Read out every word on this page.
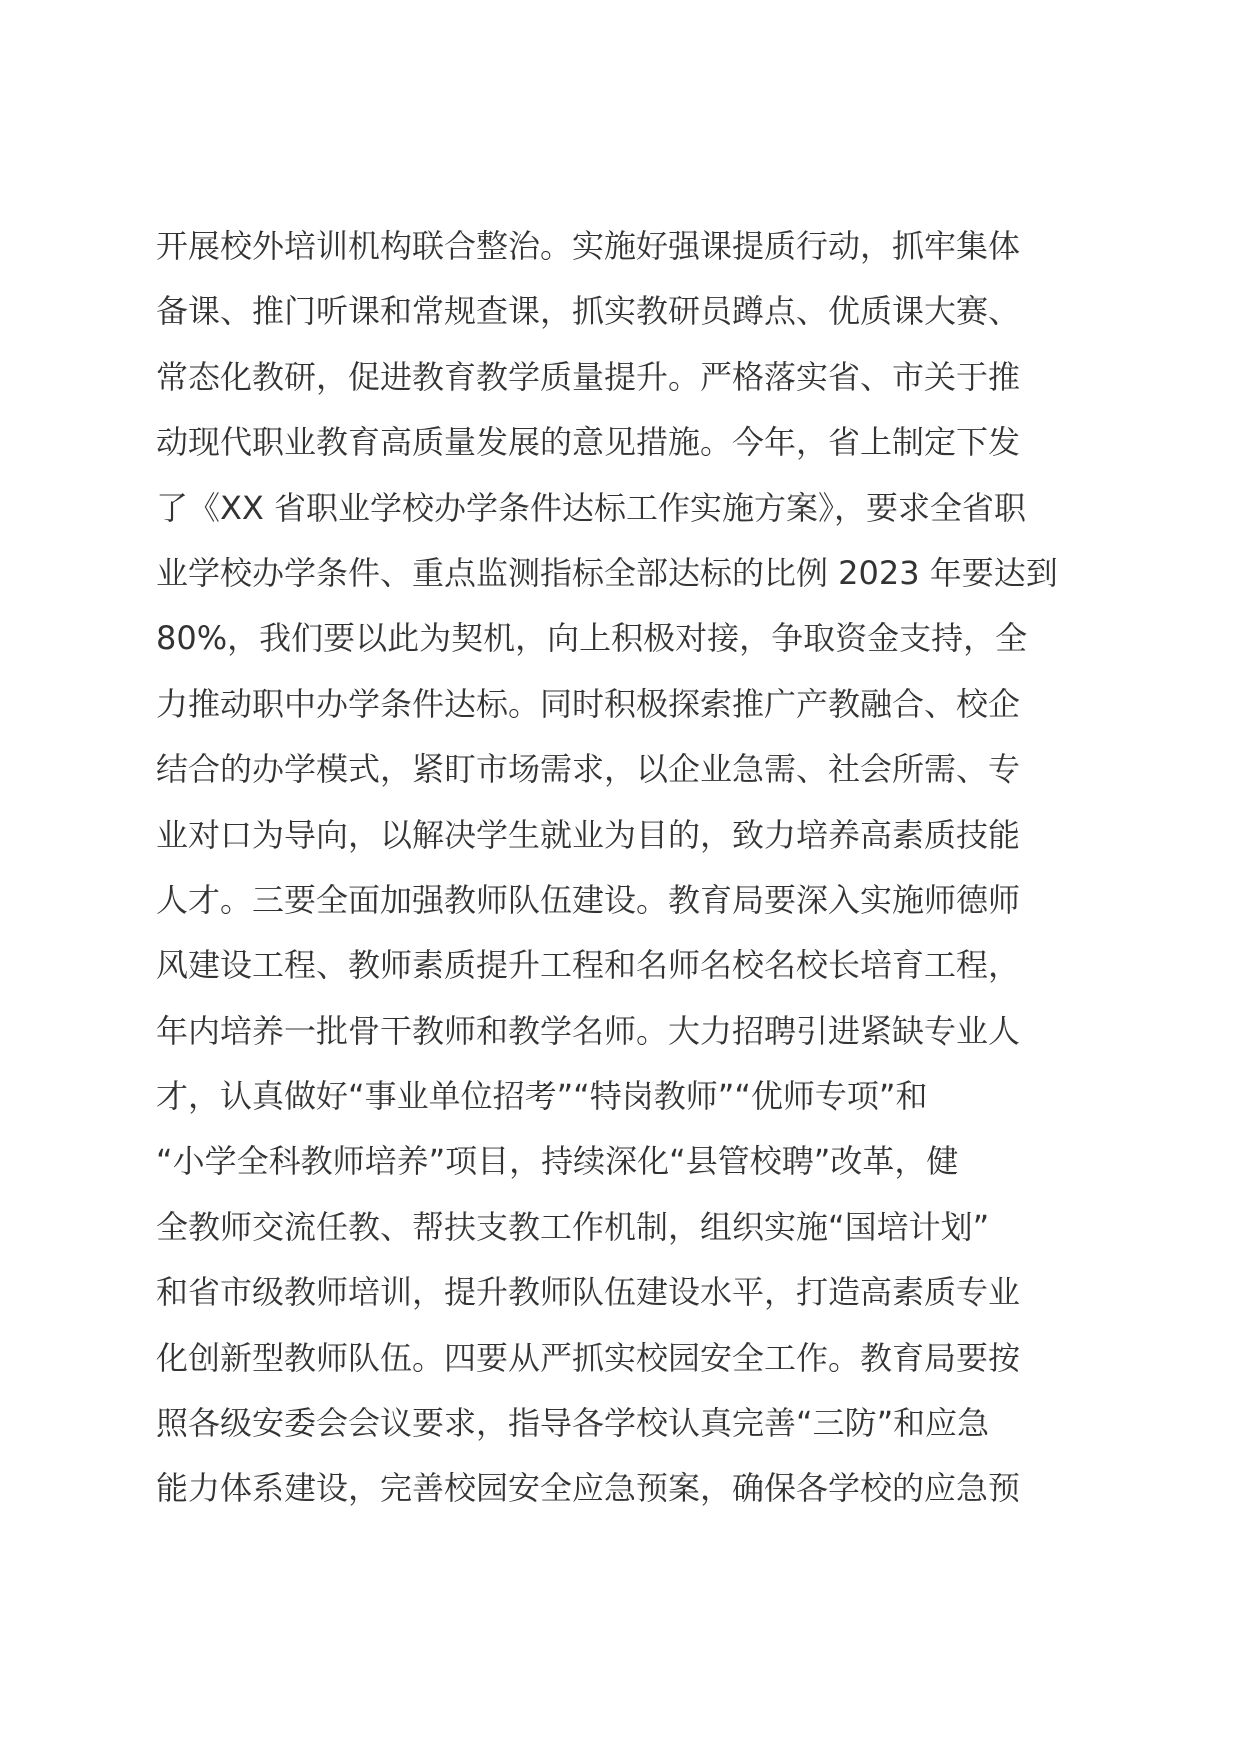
开展校外培训机构联合整治。实施好强课提质行动，抓牢集体
备课、推门听课和常规查课，抓实教研员蹲点、优质课大赛、
常态化教研，促进教育教学质量提升。严格落实省、市关于推
动现代职业教育高质量发展的意见措施。今年，省上制定下发
了《XX 省职业学校办学条件达标工作实施方案》，要求全省职
业学校办学条件、重点监测指标全部达标的比例 2023 年要达到
80%，我们要以此为契机，向上积极对接，争取资金支持，全
力推动职中办学条件达标。同时积极探索推广产教融合、校企
结合的办学模式，紧盯市场需求，以企业急需、社会所需、专
业对口为导向，以解决学生就业为目的，致力培养高素质技能
人才。三要全面加强教师队伍建设。教育局要深入实施师德师
风建设工程、教师素质提升工程和名师名校名校长培育工程，
年内培养一批骨干教师和教学名师。大力招聘引进紧缺专业人
才，认真做好“事业单位招考”“特岗教师”“优师专项”和
“小学全科教师培养”项目，持续深化“县管校聘”改革，健
全教师交流任教、帮扶支教工作机制，组织实施“国培计划”
和省市级教师培训，提升教师队伍建设水平，打造高素质专业
化创新型教师队伍。四要从严抓实校园安全工作。教育局要按
照各级安委会会议要求，指导各学校认真完善“三防”和应急
能力体系建设，完善校园安全应急预案，确保各学校的应急预
